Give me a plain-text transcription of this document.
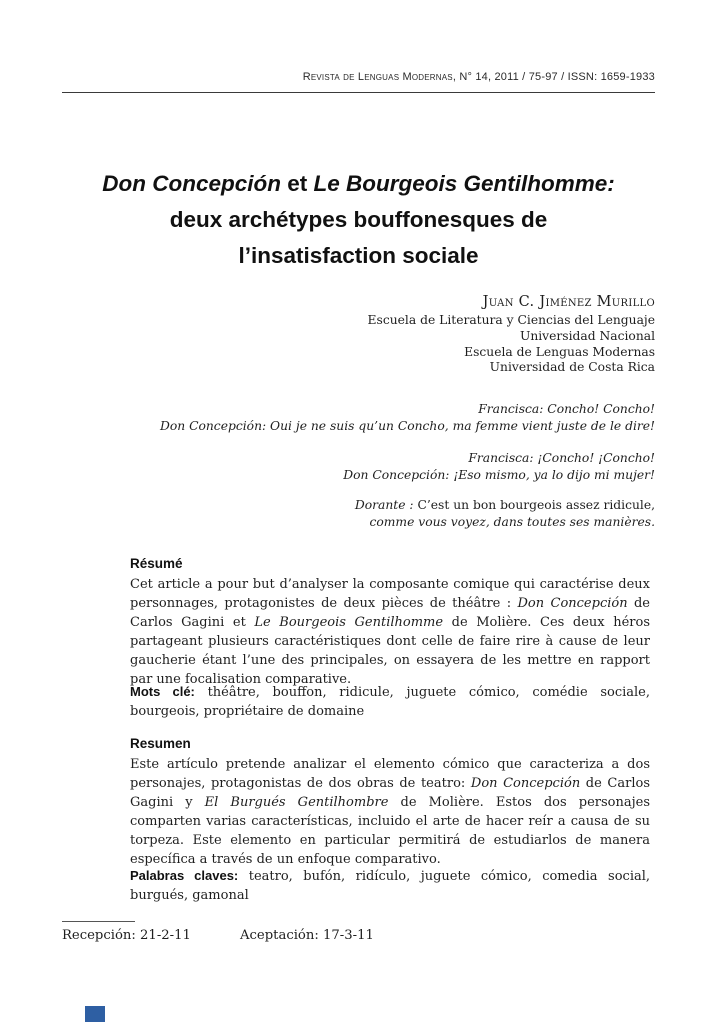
Revista de Lenguas Modernas, N° 14, 2011 / 75-97 / ISSN: 1659-1933
Don Concepción et Le Bourgeois Gentilhomme:
deux archétypes bouffonesques de
l’insatisfaction sociale
Juan C. Jiménez Murillo
Escuela de Literatura y Ciencias del Lenguaje
Universidad Nacional
Escuela de Lenguas Modernas
Universidad de Costa Rica
Francisca: Concho! Concho!
Don Concepción: Oui je ne suis qu’un Concho, ma femme vient juste de le dire!
Francisca: ¡Concho! ¡Concho!
Don Concepción: ¡Eso mismo, ya lo dijo mi mujer!
Dorante : C’est un bon bourgeois assez ridicule,
comme vous voyez, dans toutes ses manières.
Résumé
Cet article a pour but d’analyser la composante comique qui caractérise deux personnages, protagonistes de deux pièces de théâtre : Don Concepción de Carlos Gagini et Le Bourgeois Gentilhomme de Molière. Ces deux héros partageant plusieurs caractéristiques dont celle de faire rire à cause de leur gaucherie étant l’une des principales, on essayera de les mettre en rapport par une focalisation comparative.
Mots clé: théâtre, bouffon, ridicule, juguete cómico, comédie sociale, bourgeois, propriétaire de domaine
Resumen
Este artículo pretende analizar el elemento cómico que caracteriza a dos personajes, protagonistas de dos obras de teatro: Don Concepción de Carlos Gagini y El Burgués Gentilhombre de Molière. Estos dos personajes comparten varias características, incluido el arte de hacer reír a causa de su torpeza. Este elemento en particular permitirá de estudiarlos de manera específica a través de un enfoque comparativo.
Palabras claves: teatro, bufón, ridículo, juguete cómico, comedia social, burgués, gamonal
Recepción: 21-2-11	Aceptación: 17-3-11
